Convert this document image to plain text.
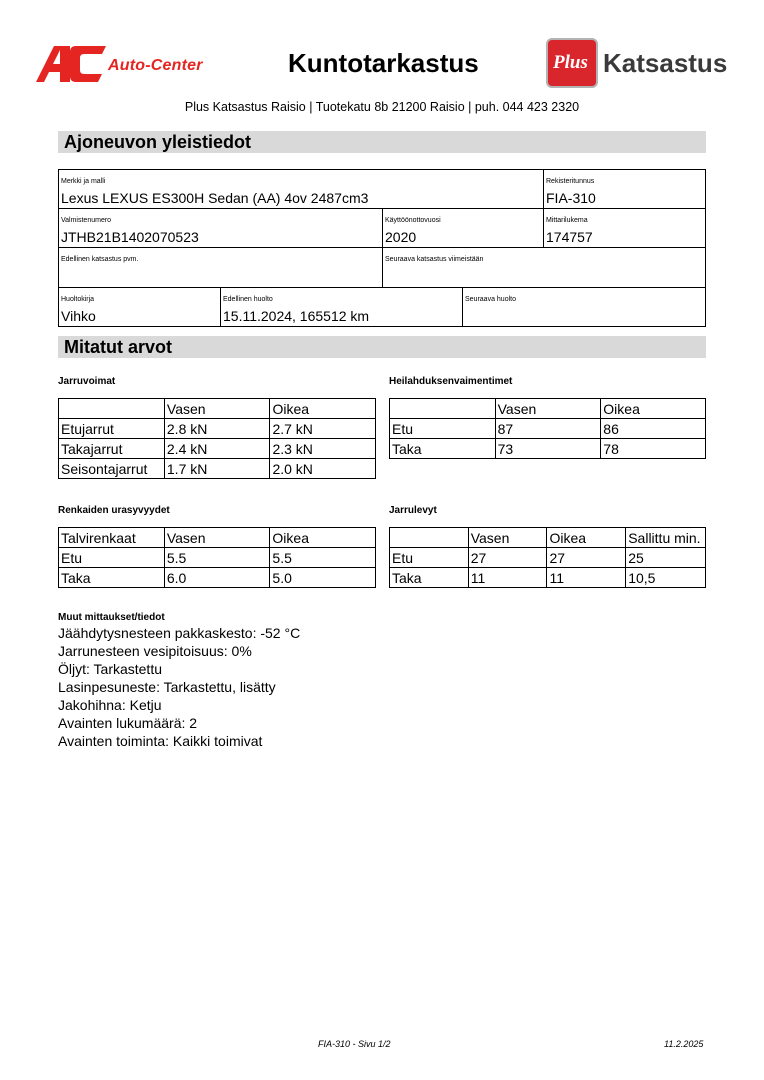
Auto-Center	Kuntotarkastus	Plus Katsastus
Plus Katsastus Raisio | Tuotekatu 8b 21200 Raisio | puh. 044 423 2320
Ajoneuvon yleistiedot
Merkki ja malli
Lexus LEXUS ES300H Sedan (AA) 4ov 2487cm3
Rekisteritunnus
FIA-310
Valmistenumero
JTHB21B1402070523
Käyttöönottovuosi
2020
Mittarilukema
174757
Edellinen katsastus pvm.	Seuraava katsastus viimeistään
Huoltokirja
Vihko
Edellinen huolto
15.11.2024, 165512 km
Seuraava huolto
Mitatut arvot
Jarruvoimat
	Vasen	Oikea
Etujarrut	2.8 kN	2.7 kN
Takajarrut	2.4 kN	2.3 kN
Seisontajarrut	1.7 kN	2.0 kN
Heilahduksenvaimentimet
	Vasen	Oikea
Etu	87	86
Taka	73	78
Renkaiden urasyvyydet
Talvirenkaat	Vasen	Oikea
Etu	5.5	5.5
Taka	6.0	5.0
Jarrulevyt
	Vasen	Oikea	Sallittu min.
Etu	27	27	25
Taka	11	11	10,5
Muut mittaukset/tiedot
Jäähdytysnesteen pakkaskesto: -52 °C
Jarrunesteen vesipitoisuus: 0%
Öljyt: Tarkastettu
Lasinpesuneste: Tarkastettu, lisätty
Jakohihna: Ketju
Avainten lukumäärä: 2
Avainten toiminta: Kaikki toimivat
FIA-310 - Sivu 1/2	11.2.2025
